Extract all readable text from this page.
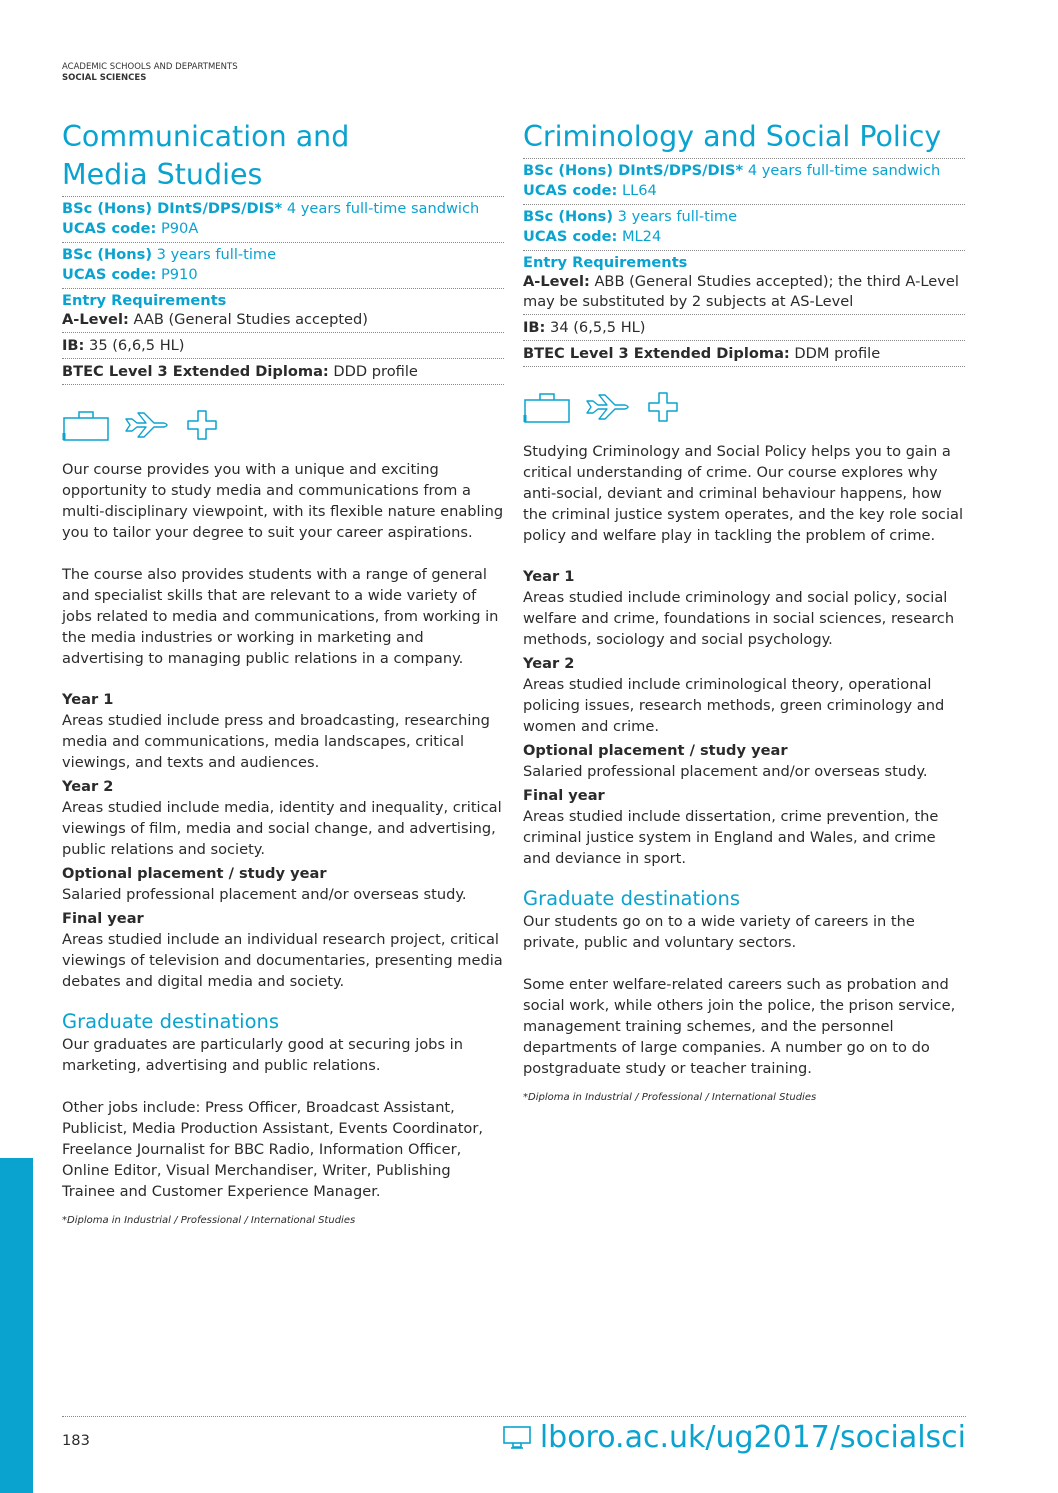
ACADEMIC SCHOOLS AND DEPARTMENTS
SOCIAL SCIENCES
Communication and
Media Studies
BSc (Hons) DIntS/DPS/DIS* 4 years full-time sandwich
UCAS code: P90A
BSc (Hons) 3 years full-time
UCAS code: P910
Entry Requirements
A-Level: AAB (General Studies accepted)
IB: 35 (6,6,5 HL)
BTEC Level 3 Extended Diploma: DDD profile

Our course provides you with a unique and exciting opportunity to study media and communications from a multi-disciplinary viewpoint, with its flexible nature enabling you to tailor your degree to suit your career aspirations.

The course also provides students with a range of general and specialist skills that are relevant to a wide variety of jobs related to media and communications, from working in the media industries or working in marketing and advertising to managing public relations in a company.

Year 1

Areas studied include press and broadcasting, researching media and communications, media landscapes, critical viewings, and texts and audiences.

Year 2

Areas studied include media, identity and inequality, critical viewings of film, media and social change, and advertising, public relations and society.

Optional placement / study year

Salaried professional placement and/or overseas study.

Final year

Areas studied include an individual research project, critical viewings of television and documentaries, presenting media debates and digital media and society.

Graduate destinations

Our graduates are particularly good at securing jobs in marketing, advertising and public relations.

Other jobs include: Press Officer, Broadcast Assistant, Publicist, Media Production Assistant, Events Coordinator, Freelance Journalist for BBC Radio, Information Officer, Online Editor, Visual Merchandiser, Writer, Publishing Trainee and Customer Experience Manager.

*Diploma in Industrial / Professional / International Studies
Criminology and Social Policy
BSc (Hons) DIntS/DPS/DIS* 4 years full-time sandwich
UCAS code: LL64
BSc (Hons) 3 years full-time
UCAS code: ML24
Entry Requirements
A-Level: ABB (General Studies accepted); the third A-Level may be substituted by 2 subjects at AS-Level
IB: 34 (6,5,5 HL)
BTEC Level 3 Extended Diploma: DDM profile

Studying Criminology and Social Policy helps you to gain a critical understanding of crime. Our course explores why anti-social, deviant and criminal behaviour happens, how the criminal justice system operates, and the key role social policy and welfare play in tackling the problem of crime.

Year 1

Areas studied include criminology and social policy, social welfare and crime, foundations in social sciences, research methods, sociology and social psychology.

Year 2

Areas studied include criminological theory, operational policing issues, research methods, green criminology and women and crime.

Optional placement / study year

Salaried professional placement and/or overseas study.

Final year

Areas studied include dissertation, crime prevention, the criminal justice system in England and Wales, and crime and deviance in sport.

Graduate destinations

Our students go on to a wide variety of careers in the private, public and voluntary sectors.

Some enter welfare-related careers such as probation and social work, while others join the police, the prison service, management training schemes, and the personnel departments of large companies. A number go on to do postgraduate study or teacher training.

*Diploma in Industrial / Professional / International Studies
183	lboro.ac.uk/ug2017/socialsci
